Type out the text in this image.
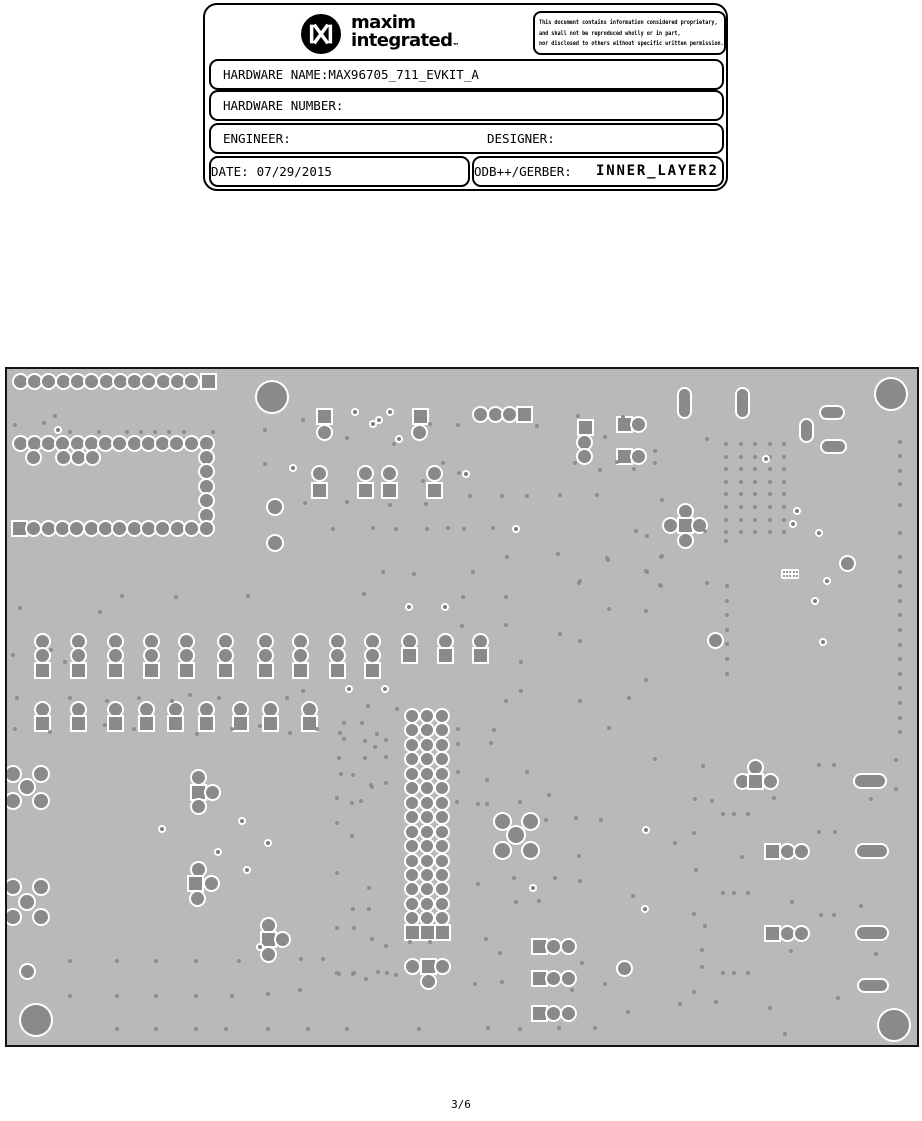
maxim
integrated™
This document contains information considered proprietary,
and shall not be reproduced wholly or in part,
nor disclosed to others without specific written permission.
HARDWARE NAME:MAX96705_711_EVKIT_A
HARDWARE NUMBER:
ENGINEER:	DESIGNER:
DATE: 07/29/2015	ODB++/GERBER: INNER_LAYER2
3/6
